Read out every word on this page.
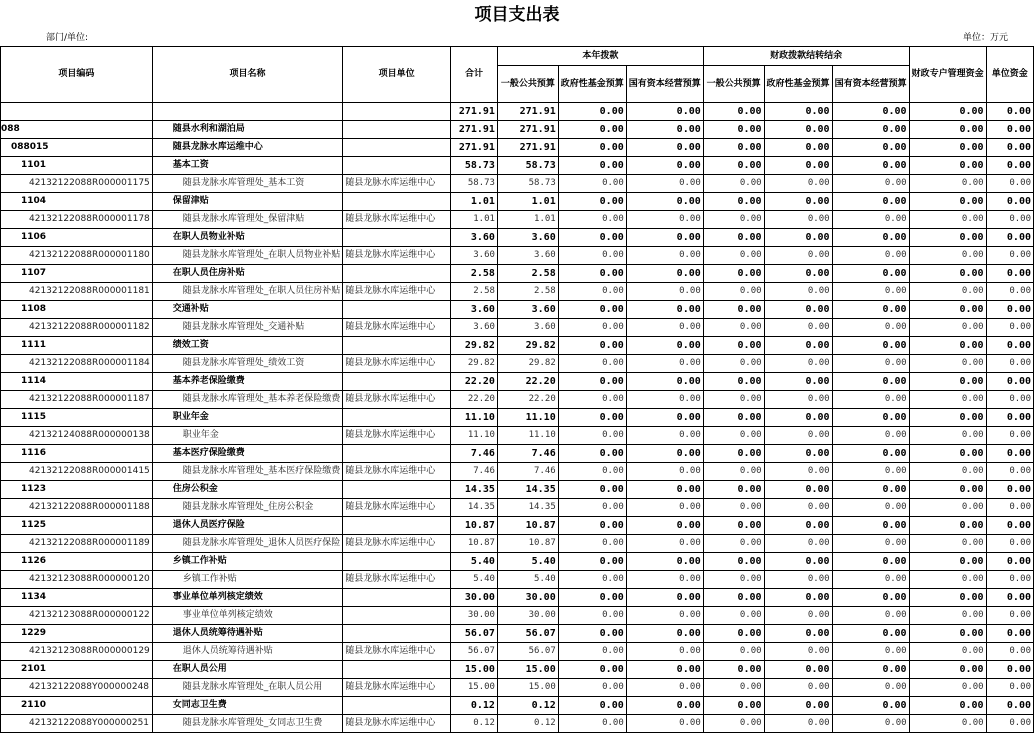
项目支出表
部门/单位:	单位：万元
项目编码	项目名称	项目单位	合计	本年拨款			财政拨款结转结余			财政专户管理资金	单位资金
				一般公共预算	政府性基金预算	国有资本经营预算	一般公共预算	政府性基金预算	国有资本经营预算		
			271.91	271.91	0.00	0.00	0.00	0.00	0.00	0.00	0.00
088	随县水利和湖泊局		271.91	271.91	0.00	0.00	0.00	0.00	0.00	0.00	0.00
088015	随县龙脉水库运维中心		271.91	271.91	0.00	0.00	0.00	0.00	0.00	0.00	0.00
1101	基本工资		58.73	58.73	0.00	0.00	0.00	0.00	0.00	0.00	0.00
42132122088R000001175	随县龙脉水库管理处_基本工资	随县龙脉水库运维中心	58.73	58.73	0.00	0.00	0.00	0.00	0.00	0.00	0.00
1104	保留津贴		1.01	1.01	0.00	0.00	0.00	0.00	0.00	0.00	0.00
42132122088R000001178	随县龙脉水库管理处_保留津贴	随县龙脉水库运维中心	1.01	1.01	0.00	0.00	0.00	0.00	0.00	0.00	0.00
1106	在职人员物业补贴		3.60	3.60	0.00	0.00	0.00	0.00	0.00	0.00	0.00
42132122088R000001180	随县龙脉水库管理处_在职人员物业补贴	随县龙脉水库运维中心	3.60	3.60	0.00	0.00	0.00	0.00	0.00	0.00	0.00
1107	在职人员住房补贴		2.58	2.58	0.00	0.00	0.00	0.00	0.00	0.00	0.00
42132122088R000001181	随县龙脉水库管理处_在职人员住房补贴	随县龙脉水库运维中心	2.58	2.58	0.00	0.00	0.00	0.00	0.00	0.00	0.00
1108	交通补贴		3.60	3.60	0.00	0.00	0.00	0.00	0.00	0.00	0.00
42132122088R000001182	随县龙脉水库管理处_交通补贴	随县龙脉水库运维中心	3.60	3.60	0.00	0.00	0.00	0.00	0.00	0.00	0.00
1111	绩效工资		29.82	29.82	0.00	0.00	0.00	0.00	0.00	0.00	0.00
42132122088R000001184	随县龙脉水库管理处_绩效工资	随县龙脉水库运维中心	29.82	29.82	0.00	0.00	0.00	0.00	0.00	0.00	0.00
1114	基本养老保险缴费		22.20	22.20	0.00	0.00	0.00	0.00	0.00	0.00	0.00
42132122088R000001187	随县龙脉水库管理处_基本养老保险缴费	随县龙脉水库运维中心	22.20	22.20	0.00	0.00	0.00	0.00	0.00	0.00	0.00
1115	职业年金		11.10	11.10	0.00	0.00	0.00	0.00	0.00	0.00	0.00
42132124088R000000138	职业年金	随县龙脉水库运维中心	11.10	11.10	0.00	0.00	0.00	0.00	0.00	0.00	0.00
1116	基本医疗保险缴费		7.46	7.46	0.00	0.00	0.00	0.00	0.00	0.00	0.00
42132122088R000001415	随县龙脉水库管理处_基本医疗保险缴费	随县龙脉水库运维中心	7.46	7.46	0.00	0.00	0.00	0.00	0.00	0.00	0.00
1123	住房公积金		14.35	14.35	0.00	0.00	0.00	0.00	0.00	0.00	0.00
42132122088R000001188	随县龙脉水库管理处_住房公积金	随县龙脉水库运维中心	14.35	14.35	0.00	0.00	0.00	0.00	0.00	0.00	0.00
1125	退休人员医疗保险		10.87	10.87	0.00	0.00	0.00	0.00	0.00	0.00	0.00
42132122088R000001189	随县龙脉水库管理处_退休人员医疗保险	随县龙脉水库运维中心	10.87	10.87	0.00	0.00	0.00	0.00	0.00	0.00	0.00
1126	乡镇工作补贴		5.40	5.40	0.00	0.00	0.00	0.00	0.00	0.00	0.00
42132123088R000000120	乡镇工作补贴	随县龙脉水库运维中心	5.40	5.40	0.00	0.00	0.00	0.00	0.00	0.00	0.00
1134	事业单位单列核定绩效		30.00	30.00	0.00	0.00	0.00	0.00	0.00	0.00	0.00
42132123088R000000122	事业单位单列核定绩效		30.00	30.00	0.00	0.00	0.00	0.00	0.00	0.00	0.00
1229	退休人员统筹待遇补贴		56.07	56.07	0.00	0.00	0.00	0.00	0.00	0.00	0.00
42132123088R000000129	退休人员统筹待遇补贴	随县龙脉水库运维中心	56.07	56.07	0.00	0.00	0.00	0.00	0.00	0.00	0.00
2101	在职人员公用		15.00	15.00	0.00	0.00	0.00	0.00	0.00	0.00	0.00
42132122088Y000000248	随县龙脉水库管理处_在职人员公用	随县龙脉水库运维中心	15.00	15.00	0.00	0.00	0.00	0.00	0.00	0.00	0.00
2110	女同志卫生费		0.12	0.12	0.00	0.00	0.00	0.00	0.00	0.00	0.00
42132122088Y000000251	随县龙脉水库管理处_女同志卫生费	随县龙脉水库运维中心	0.12	0.12	0.00	0.00	0.00	0.00	0.00	0.00	0.00
